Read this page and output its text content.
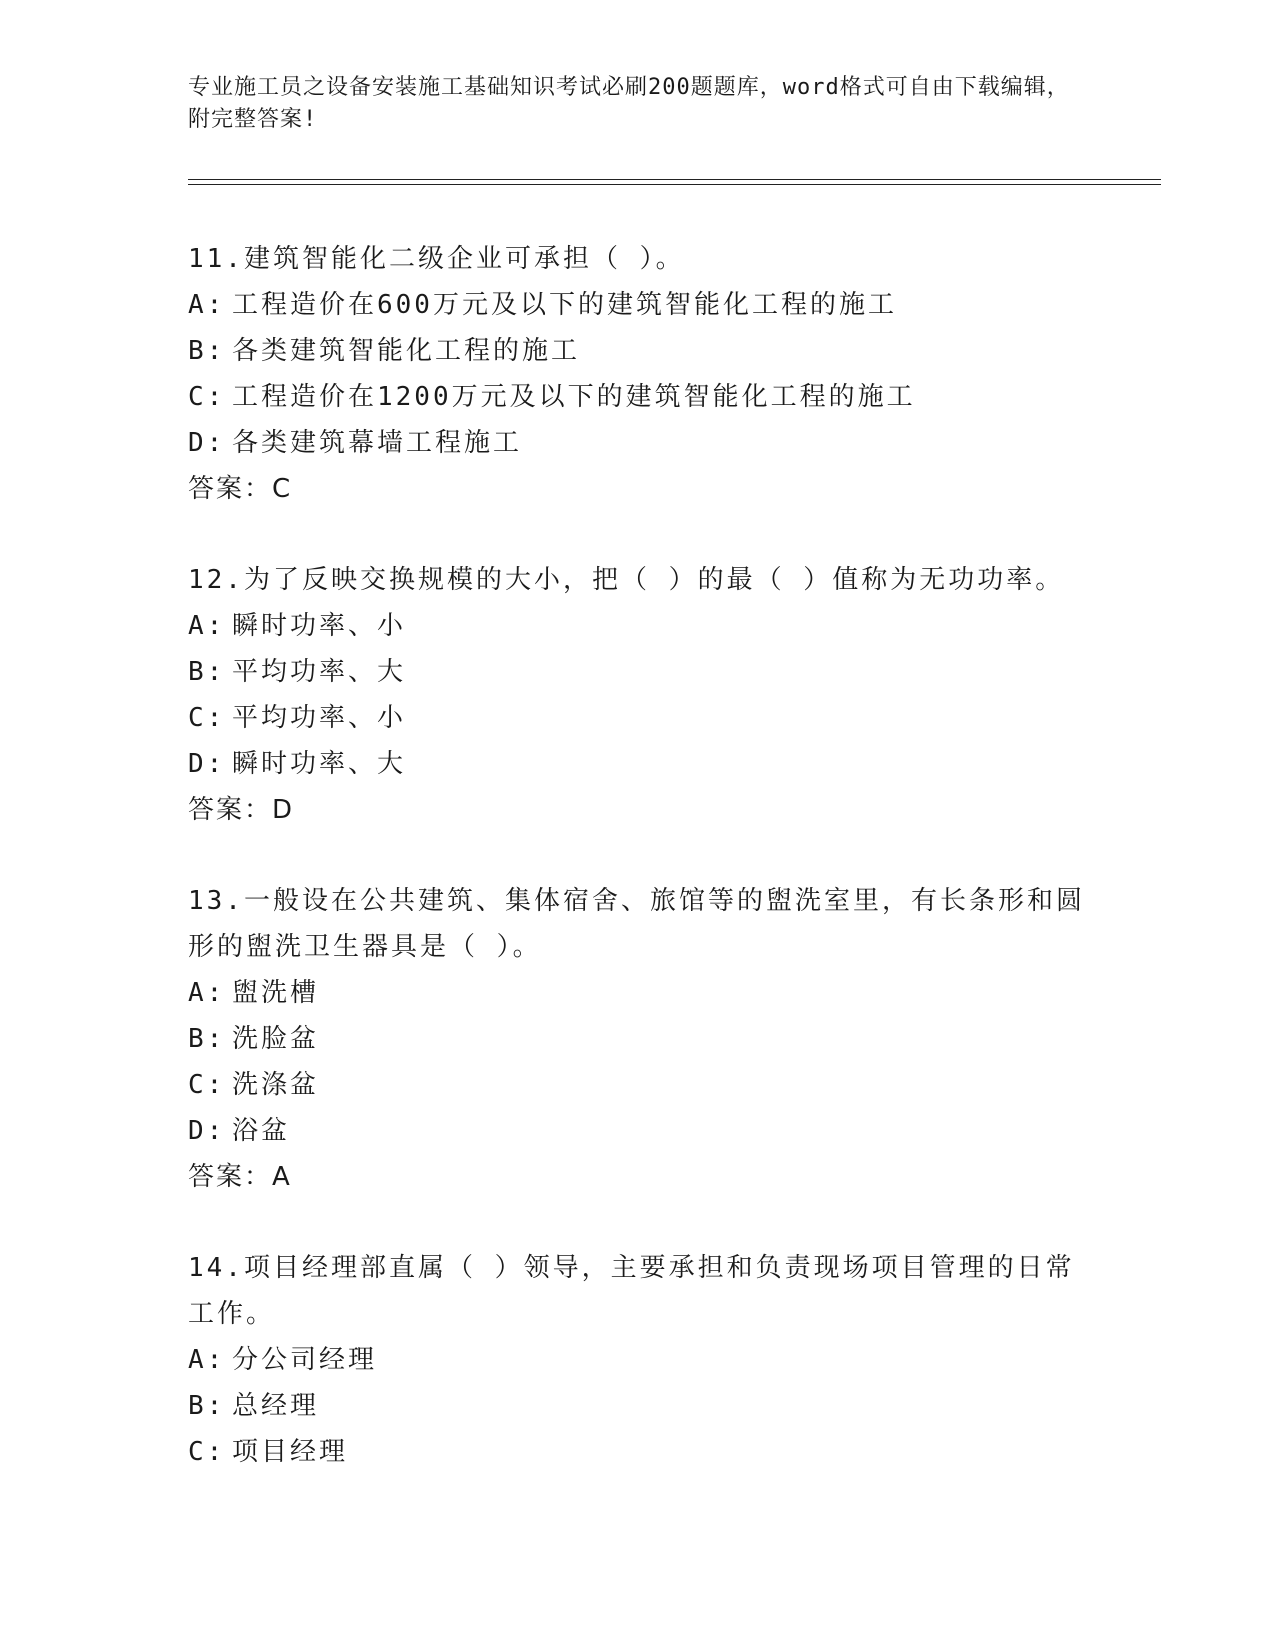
专业施工员之设备安装施工基础知识考试必刷200题题库，word格式可自由下载编辑，附完整答案!
11.建筑智能化二级企业可承担（ ）。
A: 工程造价在600万元及以下的建筑智能化工程的施工
B: 各类建筑智能化工程的施工
C: 工程造价在1200万元及以下的建筑智能化工程的施工
D: 各类建筑幕墙工程施工
答案：C
12.为了反映交换规模的大小，把（ ）的最（ ）值称为无功功率。
A: 瞬时功率、小
B: 平均功率、大
C: 平均功率、小
D: 瞬时功率、大
答案：D
13.一般设在公共建筑、集体宿舍、旅馆等的盥洗室里，有长条形和圆形的盥洗卫生器具是（ ）。
A: 盥洗槽
B: 洗脸盆
C: 洗涤盆
D: 浴盆
答案：A
14.项目经理部直属（ ）领导，主要承担和负责现场项目管理的日常工作。
A: 分公司经理
B: 总经理
C: 项目经理
